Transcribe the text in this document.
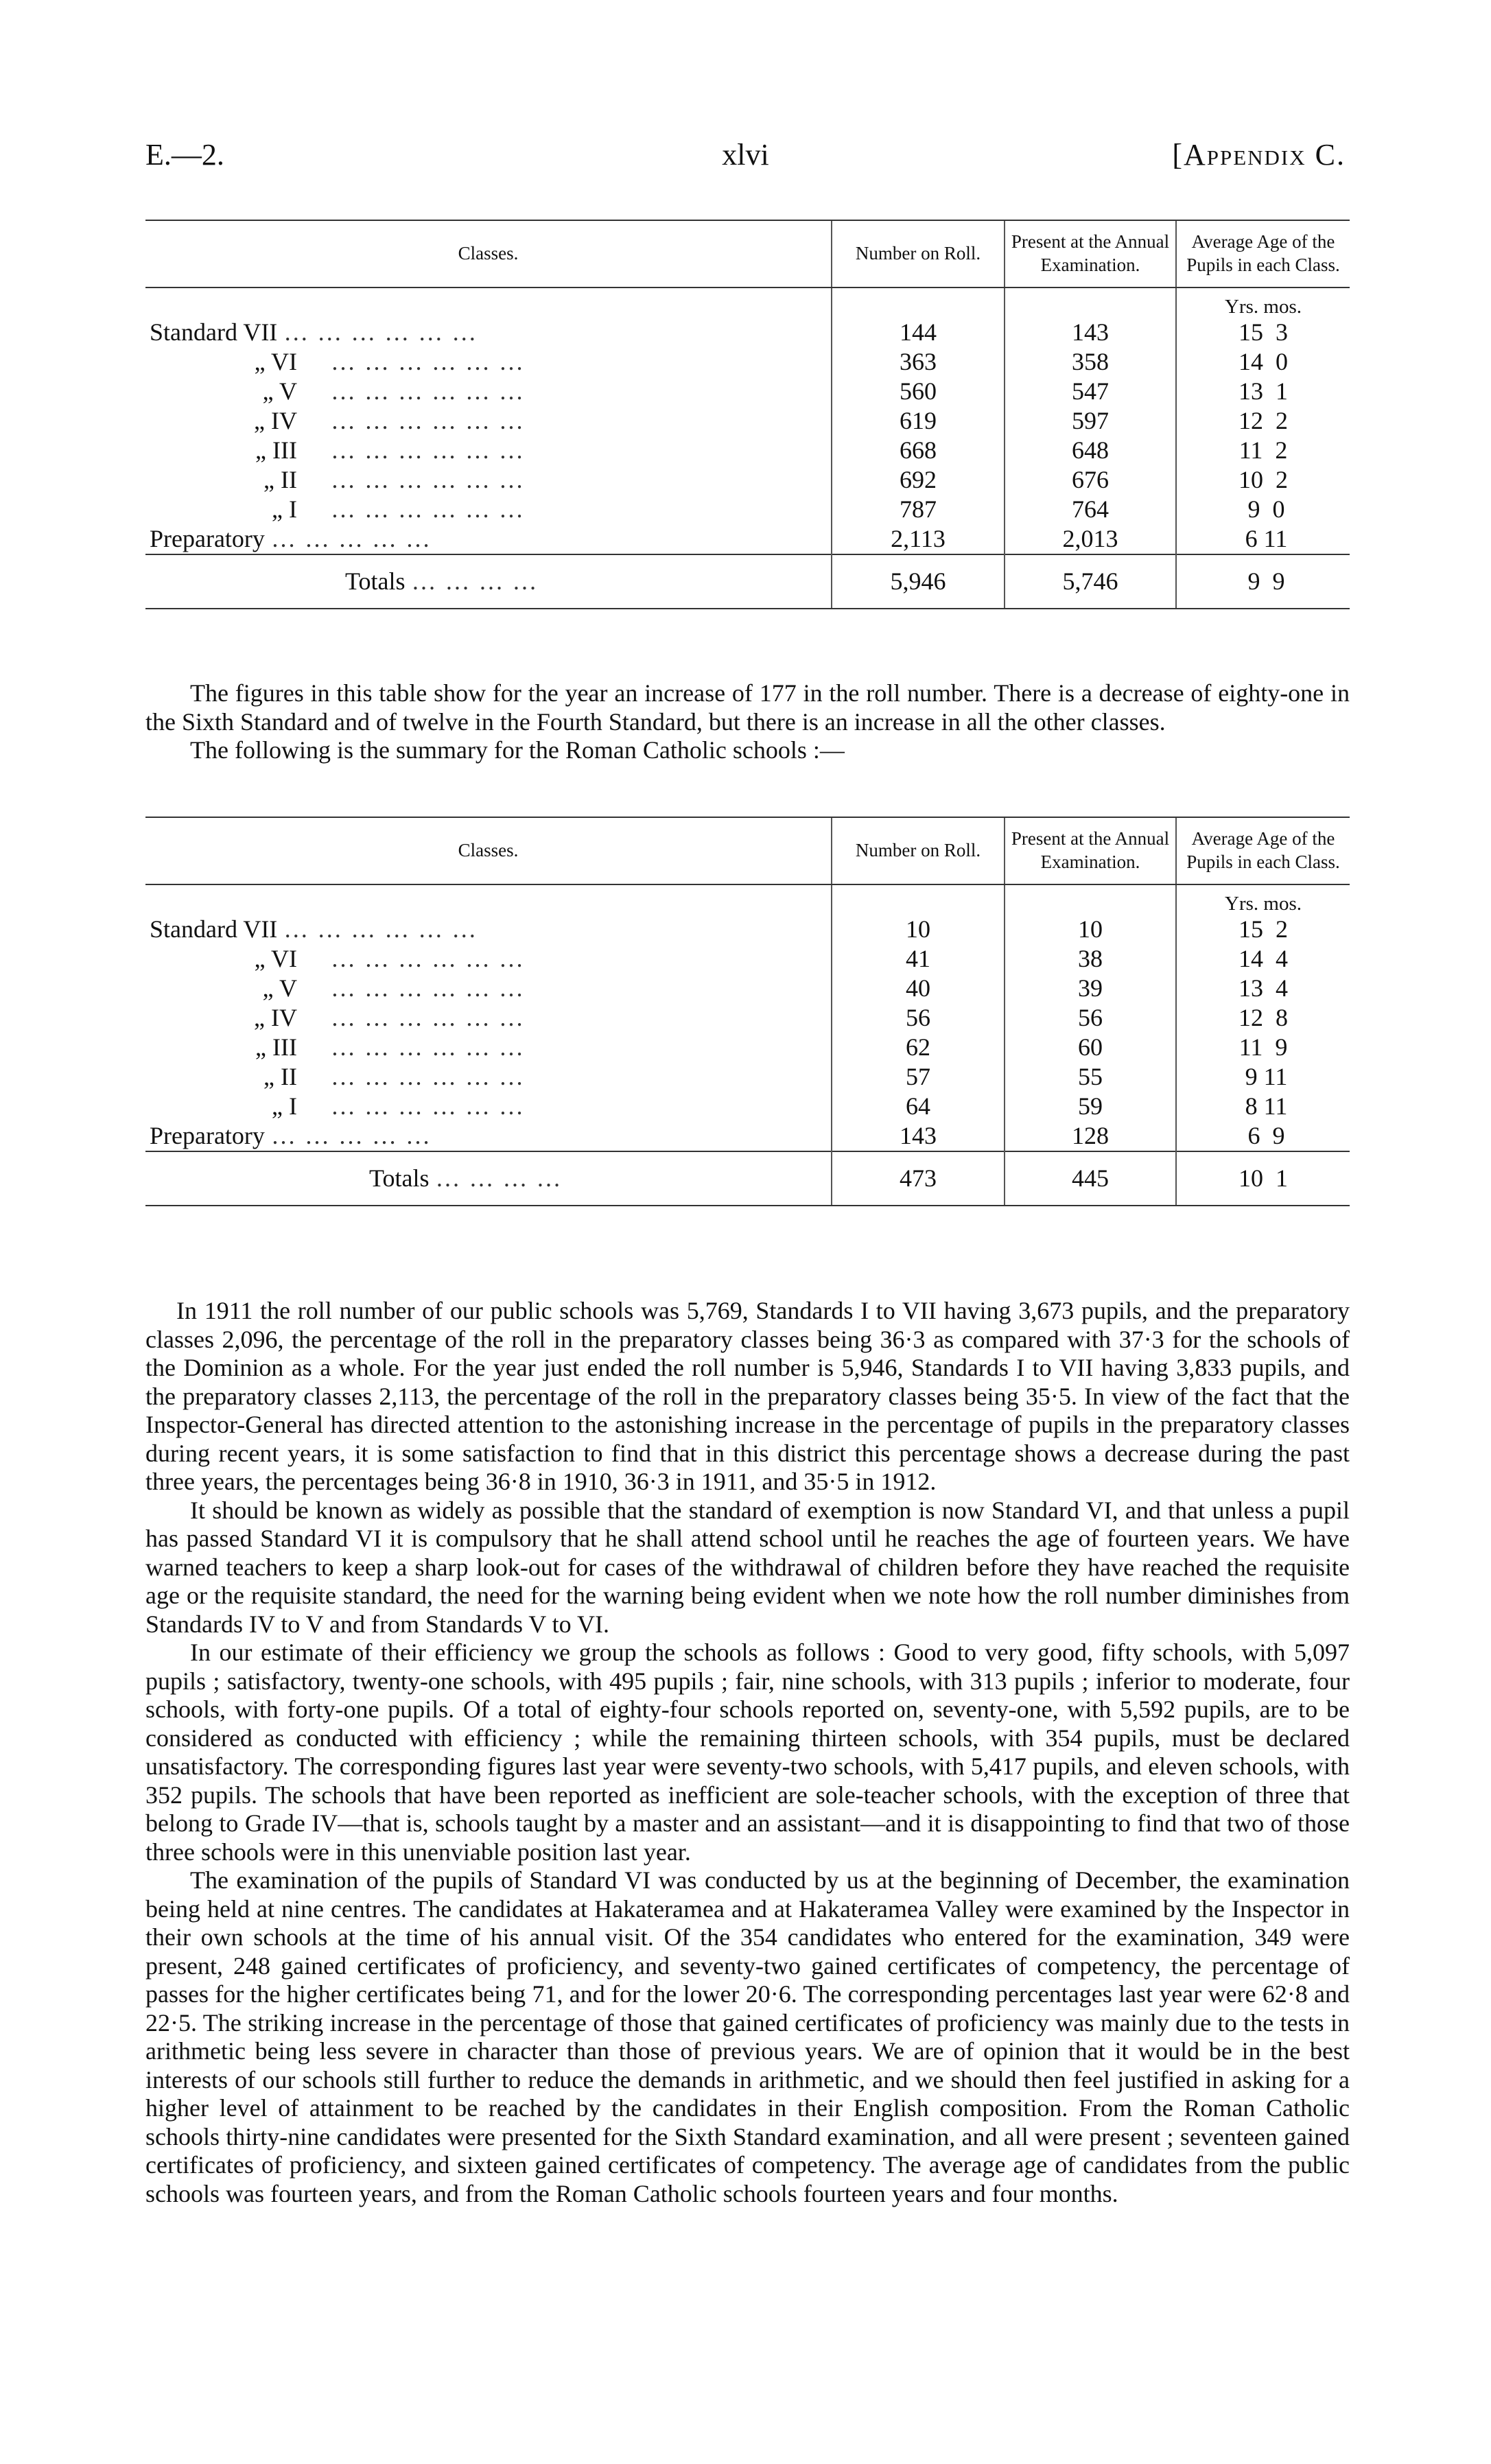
E.—2.	xlvi	[Appendix C.
Classes.	Number on Roll.	Present at the Annual Examination.	Average Age of the Pupils in each Class.
			Yrs. mos.
Standard VII … … … … … …	144	143	15  3
„ VI … … … … … …	363	358	14  0
„ V … … … … … …	560	547	13  1
„ IV … … … … … …	619	597	12  2
„ III … … … … … …	668	648	11  2
„ II … … … … … …	692	676	10  2
„ I … … … … … …	787	764	9  0
Preparatory … … … … …	2,113	2,013	6 11
Totals … … … …	5,946	5,746	9  9

The figures in this table show for the year an increase of 177 in the roll number. There is a decrease of eighty-one in the Sixth Standard and of twelve in the Fourth Standard, but there is an increase in all the other classes.

The following is the summary for the Roman Catholic schools :—

Classes.	Number on Roll.	Present at the Annual Examination.	Average Age of the Pupils in each Class.
			Yrs. mos.
Standard VII … … … … … …	10	10	15  2
„ VI … … … … … …	41	38	14  4
„ V … … … … … …	40	39	13  4
„ IV … … … … … …	56	56	12  8
„ III … … … … … …	62	60	11  9
„ II … … … … … …	57	55	9 11
„ I … … … … … …	64	59	8 11
Preparatory … … … … …	143	128	6  9
Totals … … … …	473	445	10  1

In 1911 the roll number of our public schools was 5,769, Standards I to VII having 3,673 pupils, and the preparatory classes 2,096, the percentage of the roll in the preparatory classes being 36·3 as compared with 37·3 for the schools of the Dominion as a whole. For the year just ended the roll number is 5,946, Standards I to VII having 3,833 pupils, and the preparatory classes 2,113, the percentage of the roll in the preparatory classes being 35·5. In view of the fact that the Inspector-General has directed attention to the astonishing increase in the percentage of pupils in the preparatory classes during recent years, it is some satisfaction to find that in this district this percentage shows a decrease during the past three years, the percentages being 36·8 in 1910, 36·3 in 1911, and 35·5 in 1912.

It should be known as widely as possible that the standard of exemption is now Standard VI, and that unless a pupil has passed Standard VI it is compulsory that he shall attend school until he reaches the age of fourteen years. We have warned teachers to keep a sharp look-out for cases of the withdrawal of children before they have reached the requisite age or the requisite standard, the need for the warning being evident when we note how the roll number diminishes from Standards IV to V and from Standards V to VI.

In our estimate of their efficiency we group the schools as follows : Good to very good, fifty schools, with 5,097 pupils ; satisfactory, twenty-one schools, with 495 pupils ; fair, nine schools, with 313 pupils ; inferior to moderate, four schools, with forty-one pupils. Of a total of eighty-four schools reported on, seventy-one, with 5,592 pupils, are to be considered as conducted with efficiency ; while the remaining thirteen schools, with 354 pupils, must be declared unsatisfactory. The corresponding figures last year were seventy-two schools, with 5,417 pupils, and eleven schools, with 352 pupils. The schools that have been reported as inefficient are sole-teacher schools, with the exception of three that belong to Grade IV—that is, schools taught by a master and an assistant—and it is disappointing to find that two of those three schools were in this unenviable position last year.

The examination of the pupils of Standard VI was conducted by us at the beginning of December, the examination being held at nine centres. The candidates at Hakateramea and at Hakateramea Valley were examined by the Inspector in their own schools at the time of his annual visit. Of the 354 candidates who entered for the examination, 349 were present, 248 gained certificates of proficiency, and seventy-two gained certificates of competency, the percentage of passes for the higher certificates being 71, and for the lower 20·6. The corresponding percentages last year were 62·8 and 22·5. The striking increase in the percentage of those that gained certificates of proficiency was mainly due to the tests in arithmetic being less severe in character than those of previous years. We are of opinion that it would be in the best interests of our schools still further to reduce the demands in arithmetic, and we should then feel justified in asking for a higher level of attainment to be reached by the candidates in their English composition. From the Roman Catholic schools thirty-nine candidates were presented for the Sixth Standard examination, and all were present ; seventeen gained certificates of proficiency, and sixteen gained certificates of competency. The average age of candidates from the public schools was fourteen years, and from the Roman Catholic schools fourteen years and four months.
